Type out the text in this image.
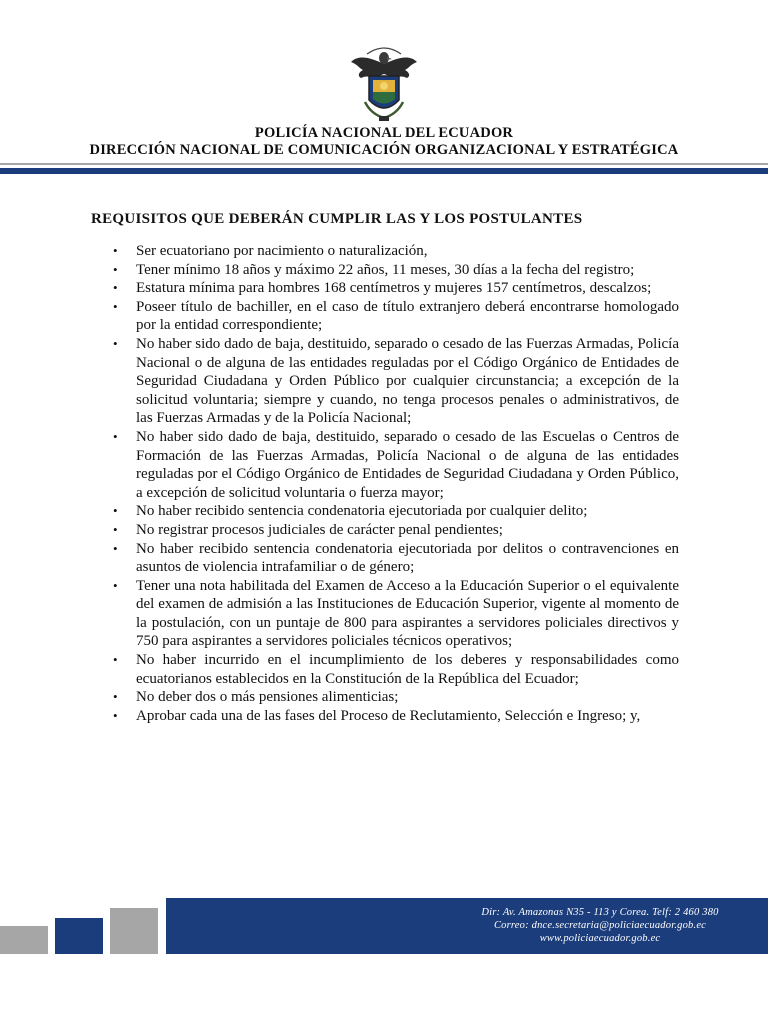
POLICÍA NACIONAL DEL ECUADOR
DIRECCIÓN NACIONAL DE COMUNICACIÓN ORGANIZACIONAL Y ESTRATÉGICA
REQUISITOS QUE DEBERÁN CUMPLIR LAS Y LOS POSTULANTES
• Ser ecuatoriano por nacimiento o naturalización,
• Tener mínimo 18 años y máximo 22 años, 11 meses, 30 días a la fecha del registro;
• Estatura mínima para hombres 168 centímetros y mujeres 157 centímetros, descalzos;
• Poseer título de bachiller, en el caso de título extranjero deberá encontrarse homologado por la entidad correspondiente;
• No haber sido dado de baja, destituido, separado o cesado de las Fuerzas Armadas, Policía Nacional o de alguna de las entidades reguladas por el Código Orgánico de Entidades de Seguridad Ciudadana y Orden Público por cualquier circunstancia; a excepción de la solicitud voluntaria; siempre y cuando, no tenga procesos penales o administrativos, de las Fuerzas Armadas y de la Policía Nacional;
• No haber sido dado de baja, destituido, separado o cesado de las Escuelas o Centros de Formación de las Fuerzas Armadas, Policía Nacional o de alguna de las entidades reguladas por el Código Orgánico de Entidades de Seguridad Ciudadana y Orden Público, a excepción de solicitud voluntaria o fuerza mayor;
• No haber recibido sentencia condenatoria ejecutoriada por cualquier delito;
• No registrar procesos judiciales de carácter penal pendientes;
• No haber recibido sentencia condenatoria ejecutoriada por delitos o contravenciones en asuntos de violencia intrafamiliar o de género;
• Tener una nota habilitada del Examen de Acceso a la Educación Superior o el equivalente del examen de admisión a las Instituciones de Educación Superior, vigente al momento de la postulación, con un puntaje de 800 para aspirantes a servidores policiales directivos y 750 para aspirantes a servidores policiales técnicos operativos;
• No haber incurrido en el incumplimiento de los deberes y responsabilidades como ecuatorianos establecidos en la Constitución de la República del Ecuador;
• No deber dos o más pensiones alimenticias;
• Aprobar cada una de las fases del Proceso de Reclutamiento, Selección e Ingreso; y,
Dir: Av. Amazonas N35 - 113 y Corea. Telf: 2 460 380
Correo: dnce.secretaria@policiaecuador.gob.ec
www.policiaecuador.gob.ec
